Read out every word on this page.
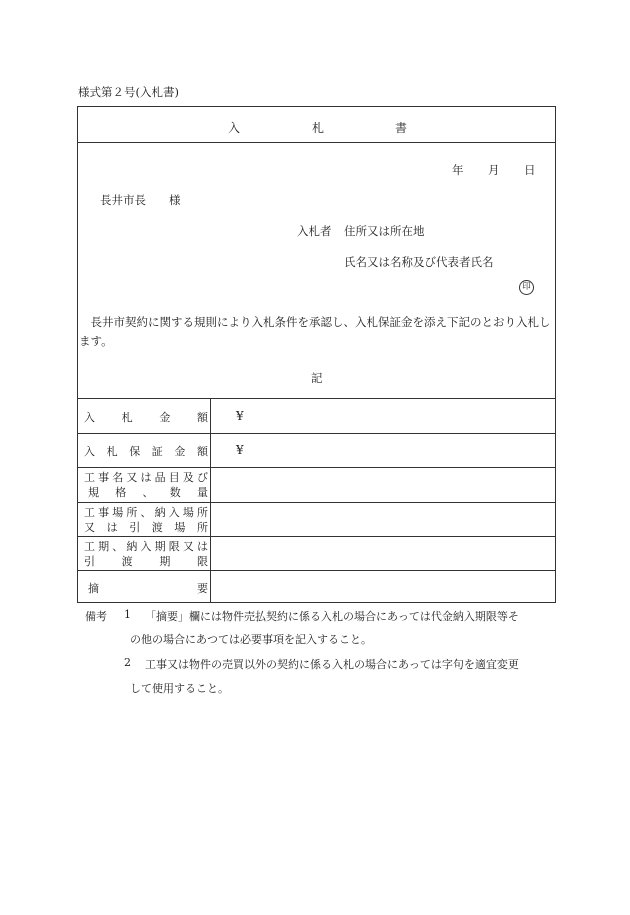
様式第２号(入札書)
入	札	書
年 月 日
長井市長　　様
入札者 住所又は所在地
氏名又は名称及び代表者氏名
印
　長井市契約に関する規則により入札条件を承認し、入札保証金を添え下記のとおり入札します。
記
入 札 金 額 ¥
入 札 保 証 金 額 ¥
工 事 名 又 は 品 目 及 び
規 格 、 数 量
工 事 場 所 、 納 入 場 所
又 は 引 渡 場 所
工 期 、 納 入 期 限 又 は
引 渡 期 限
摘	要
備考 1 「摘要」欄には物件売払契約に係る入札の場合にあっては代金納入期限等そ
の他の場合にあつては必要事項を記入すること。
2 工事又は物件の売買以外の契約に係る入札の場合にあっては字句を適宜変更
して使用すること。
